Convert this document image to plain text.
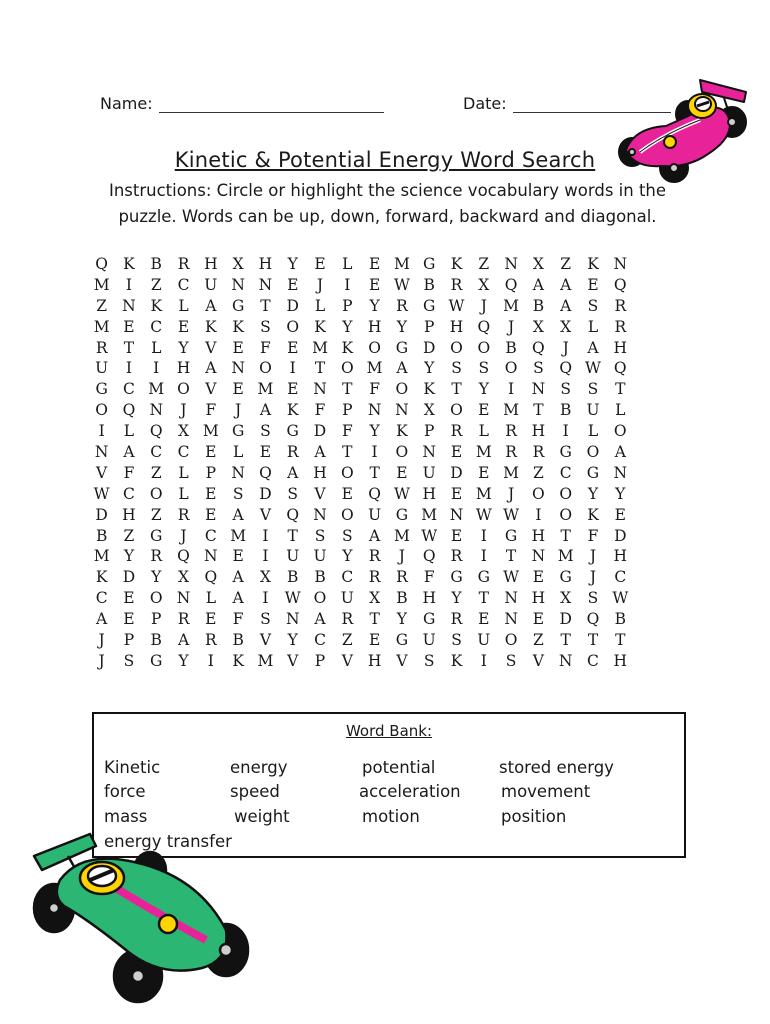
Name:	Date:
Kinetic & Potential Energy Word Search
Instructions: Circle or highlight the science vocabulary words in the puzzle. Words can be up, down, forward, backward and diagonal.
Q K	B	R H X H Y	E	L	E M G K	Z N X	Z	K N
M	I	Z	C U N N E	J	I	E W B	R	X Q A	A	E Q
Z N K	L	A	G	T	D	L	P	Y	R G W	J	M B	A	S	R
M E	C	E	K	K	S	O K	Y H Y	P H Q	J	X	X	L	R
R	T	L	Y	V	E	F	E M K O G D O O B Q	J	A H
U	I	I	H A N O	I	T	O M A	Y	S	S	O	S	Q W Q
G C M O V	E M E N T	F	O K	T	Y	I	N S	S	T
O Q N	J	F	J	A	K	F	P N N X O E M T	B U	L
I	L	Q X M G	S	G D	F	Y	K	P	R	L	R H	I	L	O
N A	C C	E	L	E	R	A	T	I	O N E M R	R G O A
V	F	Z	L	P N Q A H O	T	E U D E M Z	C G N
W C O	L	E	S	D	S	V	E Q W H E M	J	O O	Y	Y
D H Z	R	E	A	V Q N O U G M N W W	I	O K	E
B	Z	G	J	C M	I	T	S	S	A M W E	I	G H T	F	D
M Y	R Q N E	I	U U	Y	R	J	Q R	I	T N M	J	H
K D	Y	X Q A	X	B	B	C	R	R	F	G G W E G	J	C
C	E O N L	A	I	W O U X	B H Y	T N H X	S W
A	E	P	R	E	F	S N A	R	T	Y	G R	E N E D Q B
J	P	B	A	R	B	V	Y	C	Z	E G U S U O	Z	T	T	T
J	S	G	Y	I	K M V	P	V H V	S	K	I	S	V N C H
Word Bank:
Kinetic	energy	potential	stored energy
force	speed	acceleration movement
mass	weight	motion	position
energy transfer
